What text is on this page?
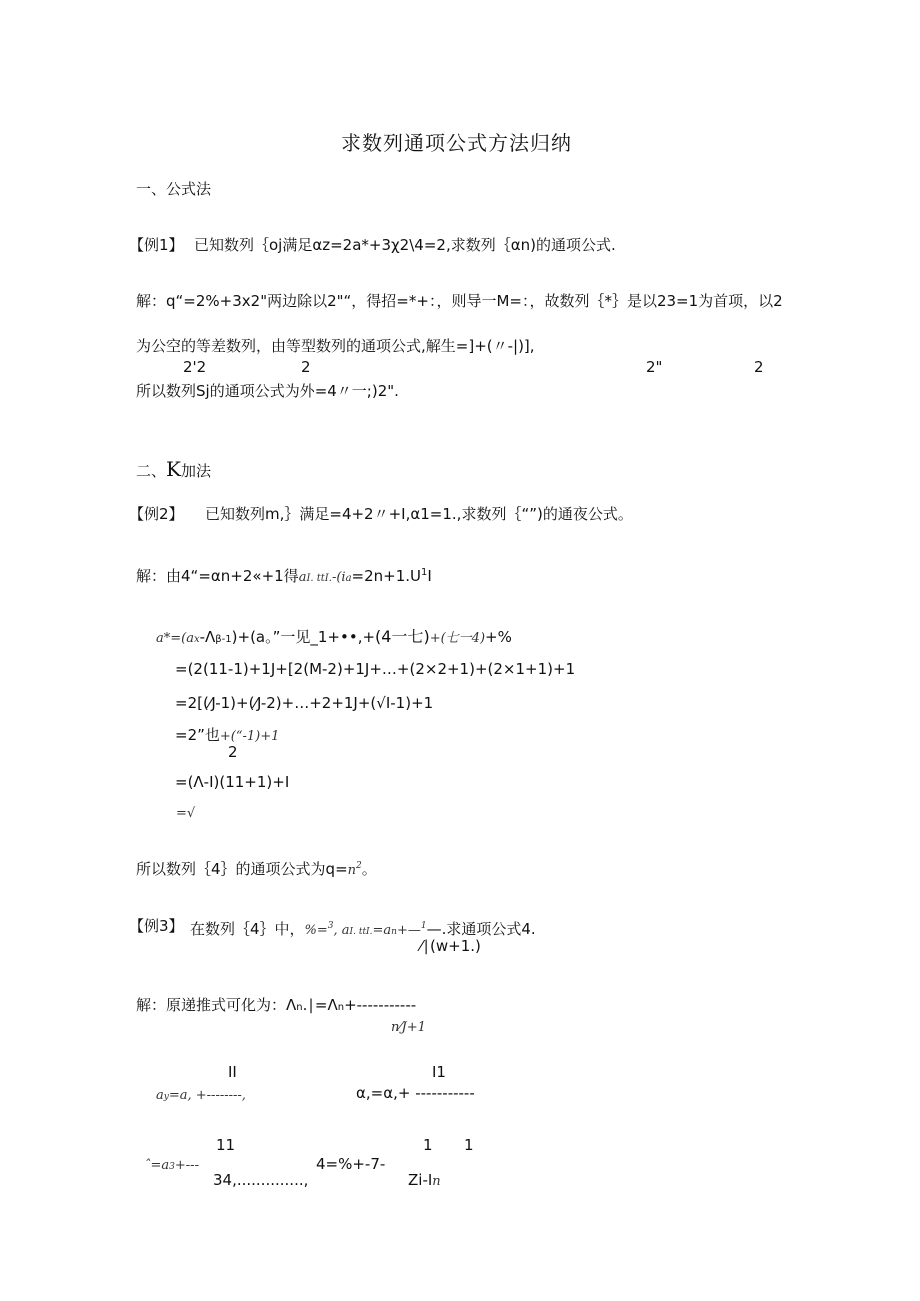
求数列通项公式方法归纳
一、公式法
【例1】 已知数列｛oj满足αz=2a*+3χ2\4=2,求数列｛αn)的通项公式.
解：q“=2%+3x2"两边除以2"“，得招=*+：，则导一M=：，故数列｛*｝是以23=1为首项，以2
为公空的等差数列，由等型数列的通项公式,解生=]+(〃-|)],
2'2	2	2"	2
所以数列Sj的通项公式为外=4〃一;)2".
二、K加法
【例2】 已知数列m,｝满足=4+2〃+I,α1=1.,求数列｛“”)的通夜公式。
解：由4“=αn+2«+1得aI. $ttI.-(ia=2n+1.U^1I$
a*=(ax-Λβ-1)+(a。”一见_1+••,+(4一七)+(七一4)+%
=(2(11-1)+1J+[2(M-2)+1J+…+(2×2+1)+(2×1+1)+1
=2[(⁄J-1)+(⁄J-2)+…+2+1J+(√I-1)+1
=2”也+(“-1)+1
2
=(Λ-I)(11+1)+I
=√
所以数列｛4｝的通项公式为$q=n^2$。
【例3】 在数列｛4｝中，%=$^3$, aI. ttI.=an+—$^1$—.求通项公式4.
⁄∣(w+1.)
解：原递推式可化为：Λn.∣=Λn+-----------
n⁄J+1
II
ay=a, +--------,
I1
α,=α,+ -----------
11
ˆ=a3+---
34,..............,
1 1
4=%+-7-
Zi-In
